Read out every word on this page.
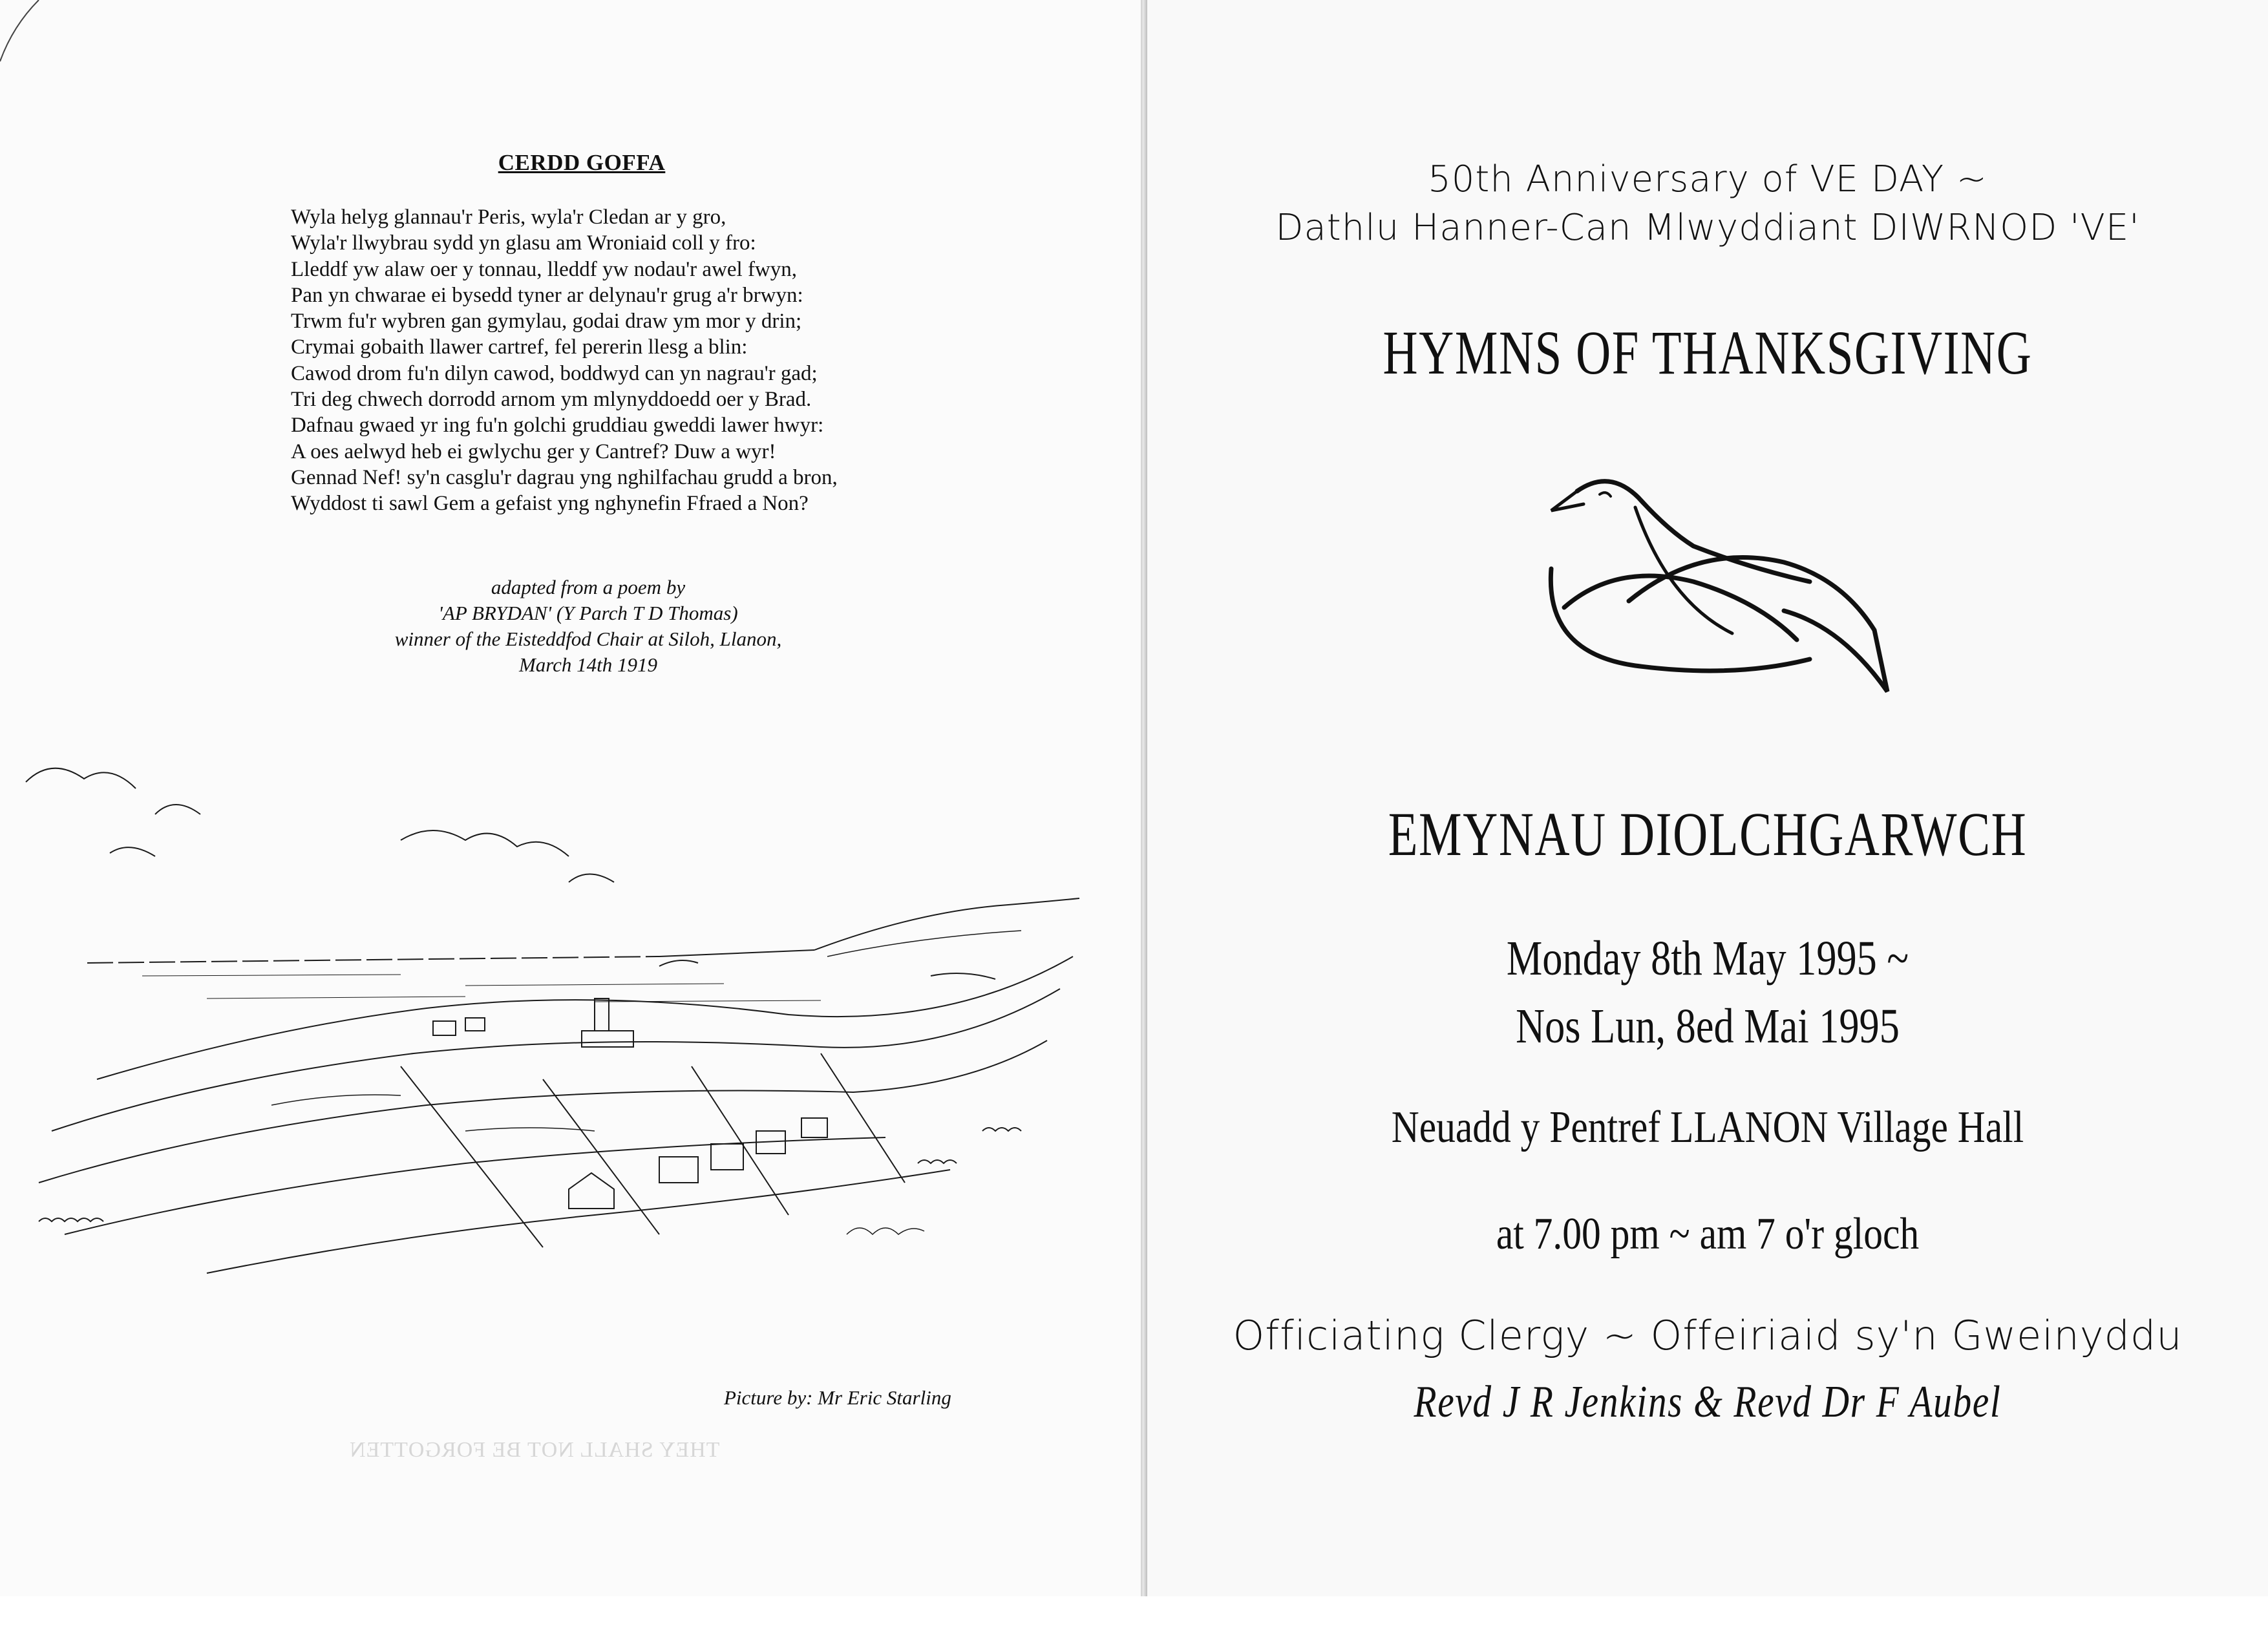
THEY SHALL NOT BE FORGOTTEN
CERDD GOFFA
Wyla helyg glannau'r Peris, wyla'r Cledan ar y gro,
Wyla'r llwybrau sydd yn glasu am Wroniaid coll y fro:
Lleddf yw alaw oer y tonnau, lleddf yw nodau'r awel fwyn,
Pan yn chwarae ei bysedd tyner ar delynau'r grug a'r brwyn:
Trwm fu'r wybren gan gymylau, godai draw ym mor y drin;
Crymai gobaith llawer cartref, fel pererin llesg a blin:
Cawod drom fu'n dilyn cawod, boddwyd can yn nagrau'r gad;
Tri deg chwech dorrodd arnom ym mlynyddoedd oer y Brad.
Dafnau gwaed yr ing fu'n golchi gruddiau gweddi lawer hwyr:
A oes aelwyd heb ei gwlychu ger y Cantref? Duw a wyr!
Gennad Nef! sy'n casglu'r dagrau yng nghilfachau grudd a bron,
Wyddost ti sawl Gem a gefaist yng nghynefin Ffraed a Non?
adapted from a poem by
'AP BRYDAN' (Y Parch T D Thomas)
winner of the Eisteddfod Chair at Siloh, Llanon,
March 14th 1919
Picture by: Mr Eric Starling
50th Anniversary of VE DAY ~
Dathlu Hanner-Can Mlwyddiant DIWRNOD 'VE'
HYMNS OF THANKSGIVING
EMYNAU DIOLCHGARWCH
Monday 8th May 1995 ~
Nos Lun, 8ed Mai 1995
Neuadd y Pentref LLANON Village Hall
at 7.00 pm ~ am 7 o'r gloch
Officiating Clergy ~ Offeiriaid sy'n Gweinyddu
Revd J R Jenkins & Revd Dr F Aubel
